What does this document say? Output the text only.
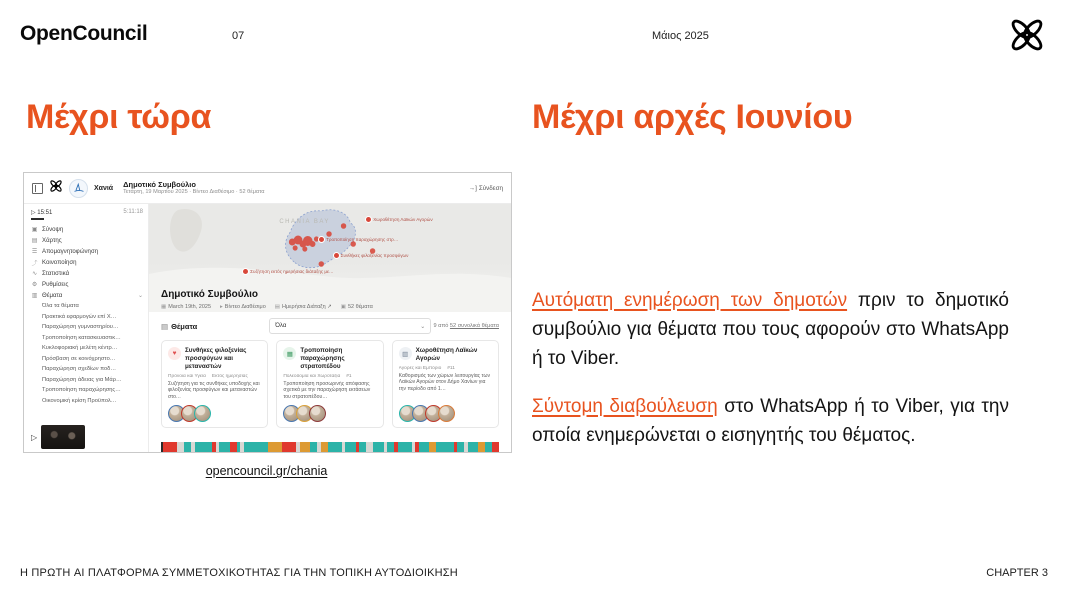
OpenCouncil	07	Μάιος 2025
Μέχρι τώρα	Μέχρι αρχές Ιουνίου
Χανιά Δημοτικό Συμβούλιο
Τετάρτη, 19 Μαρτίου 2025 · Βίντεο Διαθέσιμο · 52 θέματα
→] Σύνδεση
▷ 15:51	5:11:18
▣ Σύνοψη
▤ Χάρτης
☰ Απομαγνητοφώνηση
⤴ Κοινοποίηση
∿ Στατιστικά
⚙ Ρυθμίσεις
▥ Θέματα	⌄
Όλα τα θέματα
Πρακτικά εφαρμογών επί Χ…
Παραχώρηση γυμναστηρίου…
Τροποποίηση κατασκευαστικ…
Κυκλοφοριακή μελέτη κέντρ…
Πρόσβαση σε κοινόχρηστο…
Παραχώρηση σχεδίων ποδ…
Παραχώρηση άδειας για Μάρ…
Τροποποίηση παραχώρησης…
Οικονομική κρίση Προϋπολ…
▷
CHANIA BAY	Χωροθέτηση Λαϊκών Αγορών
Τροποποίηση παραχώρησης στρ…
Συνθήκες φιλοξενίας προσφύγων
Συζήτηση εκτός ημερήσιας διάταξης με…
Δημοτικό Συμβούλιο
▦ March 19th, 2025 ▸ Βίντεο Διαθέσιμο ▤ Ημερήσια Διάταξη ↗ ▣ 52 θέματα
▤ Θέματα	Όλα	⌄ 9 από 52 συνολικά θέματα
♥	Συνθήκες φιλοξενίας προσφύγων και μεταναστών
Πρόνοια και Υγεία Εκτός ημερησίας
Συζήτηση για τις συνθήκες υποδοχής και φιλοξενίας προσφύγων και μεταναστών στο…
▦	Τροποποίηση παραχώρησης στρατοπέδου
Πολεοδομία και Χωροταξία #1
Τροποποίηση προσωρινής απόφασης σχετικά με την παραχώρηση εκτάσεων του στρατοπέδου…
▥	Χωροθέτηση Λαϊκών Αγορών
Αγορές και Εμπόριο #11
Καθορισμός των χώρων λειτουργίας των Λαϊκών Αγορών στον Δήμο Χανίων για την περίοδο από 1…
opencouncil.gr/chania

Αυτόματη ενημέρωση των δημοτών πριν το δημοτικό συμβούλιο για θέματα που τους αφορούν στο WhatsApp ή το Viber.

Σύντομη διαβούλευση στο WhatsApp ή το Viber, για την οποία ενημερώνεται ο εισηγητής του θέματος.

Η ΠΡΩΤΗ AI ΠΛΑΤΦΟΡΜΑ ΣΥΜΜΕΤΟΧΙΚΟΤΗΤΑΣ ΓΙΑ ΤΗΝ ΤΟΠΙΚΗ ΑΥΤΟΔΙΟΙΚΗΣΗ	CHAPTER 3
